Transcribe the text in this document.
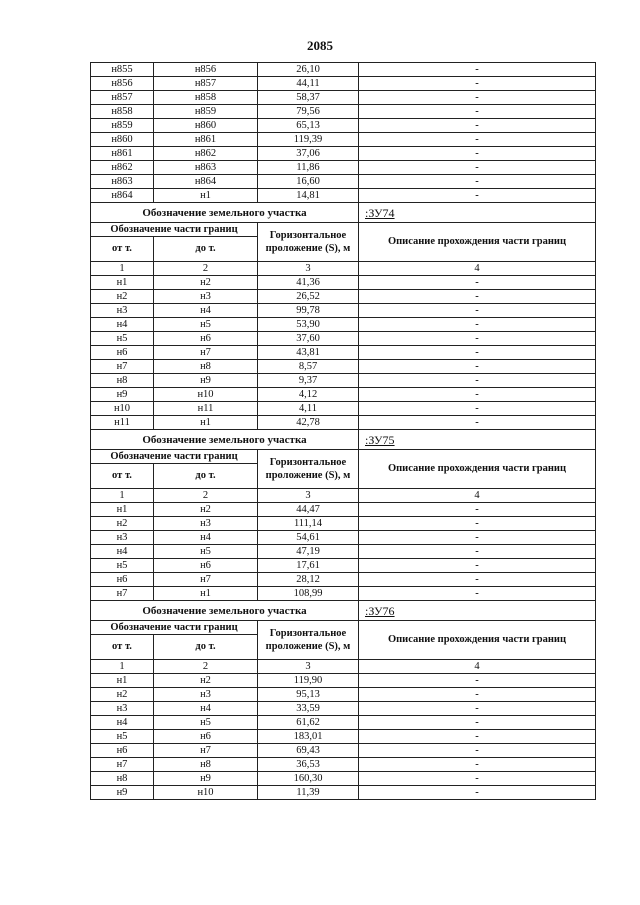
2085
н855	н856	26,10	-
н856	н857	44,11	-
н857	н858	58,37	-
н858	н859	79,56	-
н859	н860	65,13	-
н860	н861	119,39	-
н861	н862	37,06	-
н862	н863	11,86	-
н863	н864	16,60	-
н864	н1	14,81	-
Обозначение земельного участка			:ЗУ74
Обозначение части границ		Горизонтальное проложение (S), м	Описание прохождения части границ
от т.	до т.		
1	2	3	4
н1	н2	41,36	-
н2	н3	26,52	-
н3	н4	99,78	-
н4	н5	53,90	-
н5	н6	37,60	-
н6	н7	43,81	-
н7	н8	8,57	-
н8	н9	9,37	-
н9	н10	4,12	-
н10	н11	4,11	-
н11	н1	42,78	-
Обозначение земельного участка			:ЗУ75
Обозначение части границ		Горизонтальное проложение (S), м	Описание прохождения части границ
от т.	до т.		
1	2	3	4
н1	н2	44,47	-
н2	н3	111,14	-
н3	н4	54,61	-
н4	н5	47,19	-
н5	н6	17,61	-
н6	н7	28,12	-
н7	н1	108,99	-
Обозначение земельного участка			:ЗУ76
Обозначение части границ		Горизонтальное проложение (S), м	Описание прохождения части границ
от т.	до т.		
1	2	3	4
н1	н2	119,90	-
н2	н3	95,13	-
н3	н4	33,59	-
н4	н5	61,62	-
н5	н6	183,01	-
н6	н7	69,43	-
н7	н8	36,53	-
н8	н9	160,30	-
н9	н10	11,39	-
